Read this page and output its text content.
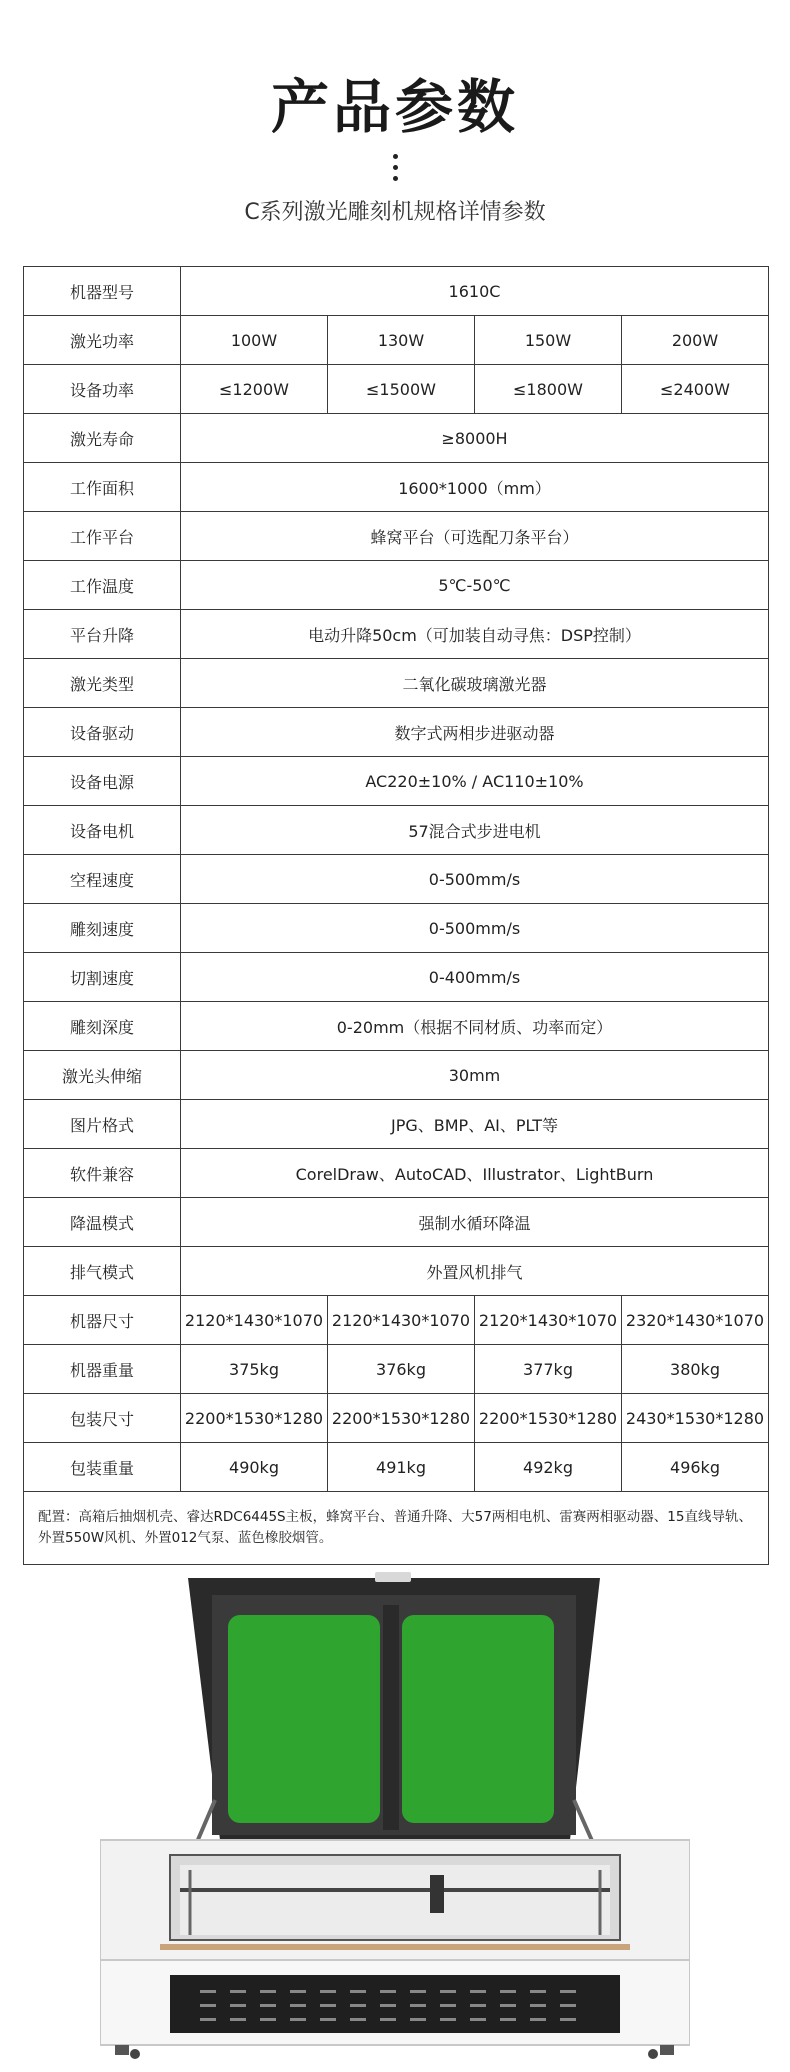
产品参数
C系列激光雕刻机规格详情参数
机器型号	1610C			
激光功率	100W	130W	150W	200W
设备功率	≤1200W	≤1500W	≤1800W	≤2400W
激光寿命	≥8000H			
工作面积	1600*1000（mm）			
工作平台	蜂窝平台（可选配刀条平台）			
工作温度	5℃-50℃			
平台升降	电动升降50cm（可加装自动寻焦：DSP控制）			
激光类型	二氧化碳玻璃激光器			
设备驱动	数字式两相步进驱动器			
设备电源	AC220±10% / AC110±10%			
设备电机	57混合式步进电机			
空程速度	0-500mm/s			
雕刻速度	0-500mm/s			
切割速度	0-400mm/s			
雕刻深度	0-20mm（根据不同材质、功率而定）			
激光头伸缩	30mm			
图片格式	JPG、BMP、AI、PLT等			
软件兼容	CorelDraw、AutoCAD、Illustrator、LightBurn			
降温模式	强制水循环降温			
排气模式	外置风机排气			
机器尺寸	2120*1430*1070	2120*1430*1070	2120*1430*1070	2320*1430*1070
机器重量	375kg	376kg	377kg	380kg
包装尺寸	2200*1530*1280	2200*1530*1280	2200*1530*1280	2430*1530*1280
包装重量	490kg	491kg	492kg	496kg
配置：高箱后抽烟机壳、睿达RDC6445S主板，蜂窝平台、普通升降、大57两相电机、雷赛两相驱动器、15直线导轨、外置550W风机、外置012气泵、蓝色橡胶烟管。				
